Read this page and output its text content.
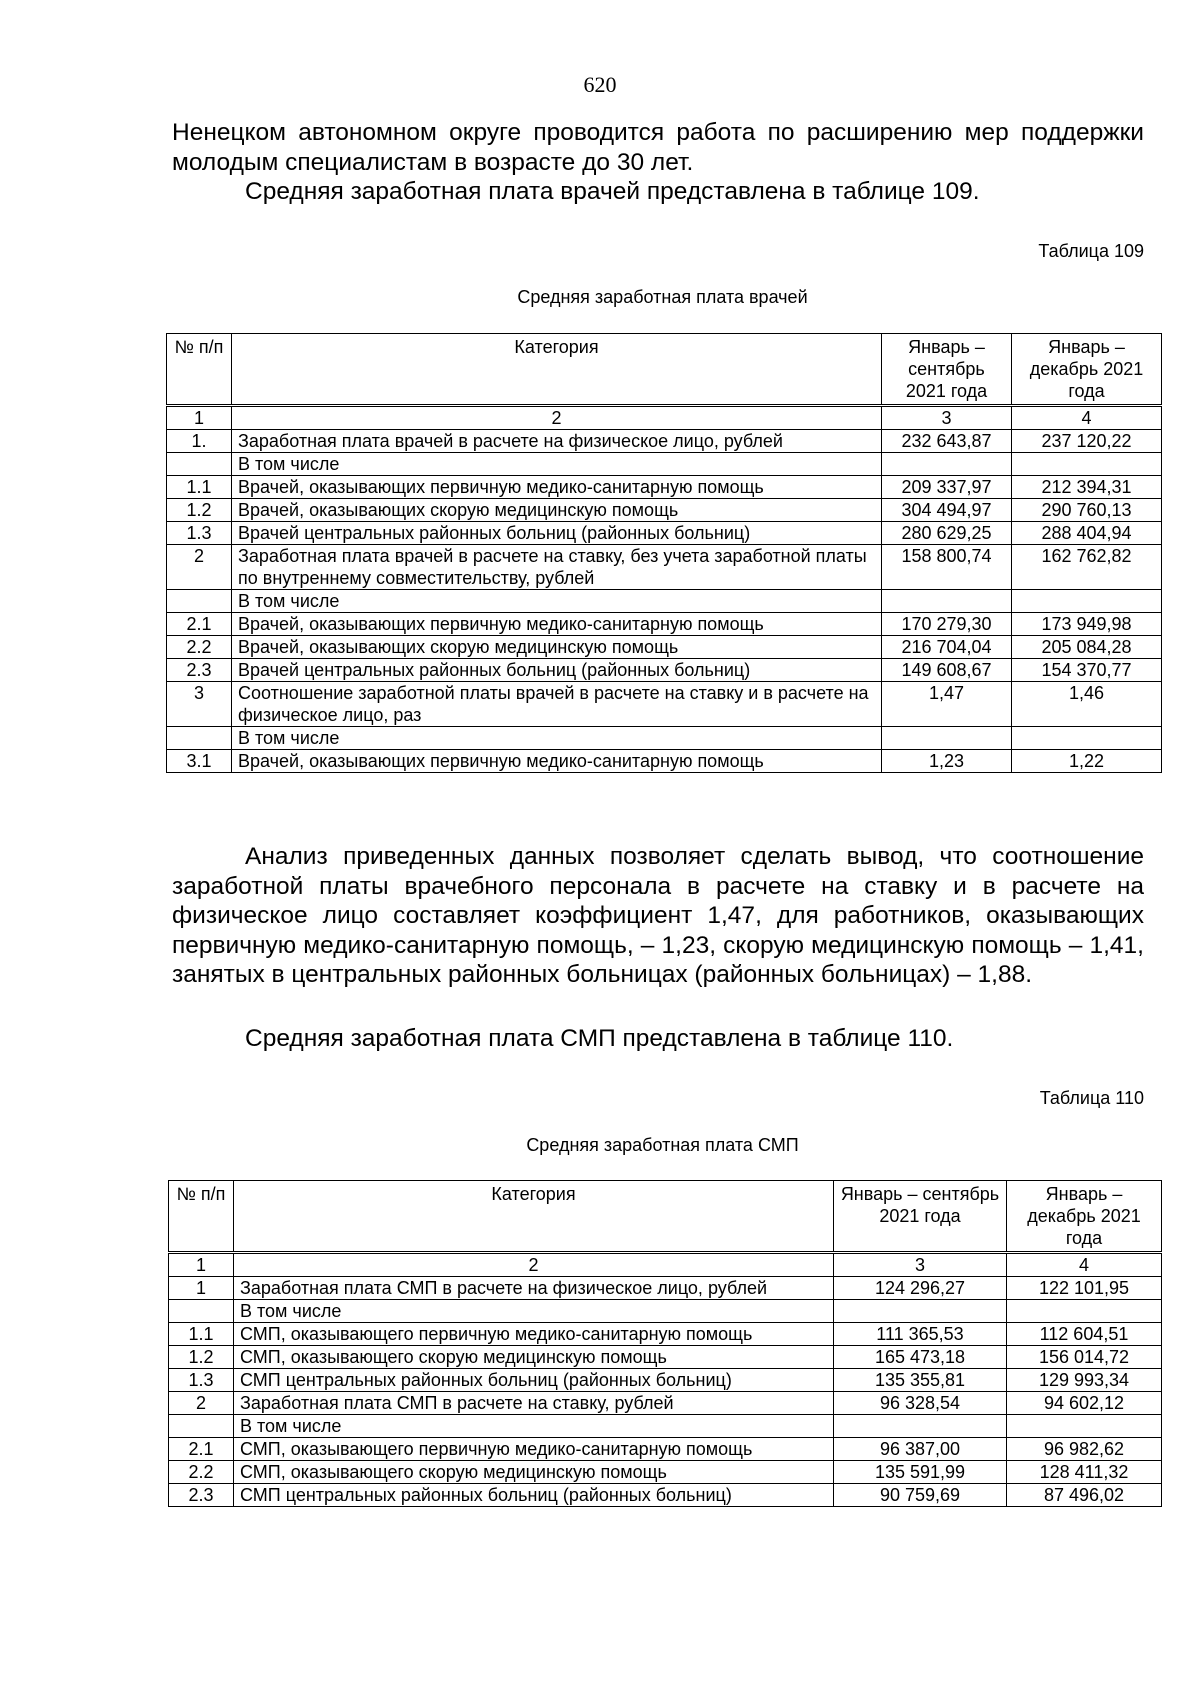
620
Ненецком автономном округе проводится работа по расширению мер поддержки молодым специалистам в возрасте до 30 лет.
Средняя заработная плата врачей представлена в таблице 109.
Таблица 109
Средняя заработная плата врачей
№ п/п	Категория	Январь – сентябрь 2021 года	Январь – декабрь 2021 года
1	2	3	4
1.	Заработная плата врачей в расчете на физическое лицо, рублей	232 643,87	237 120,22
	В том числе		
1.1	Врачей, оказывающих первичную медико-санитарную помощь	209 337,97	212 394,31
1.2	Врачей, оказывающих скорую медицинскую помощь	304 494,97	290 760,13
1.3	Врачей центральных районных больниц (районных больниц)	280 629,25	288 404,94
2	Заработная плата врачей в расчете на ставку, без учета заработной платы по внутреннему совместительству, рублей	158 800,74	162 762,82
	В том числе		
2.1	Врачей, оказывающих первичную медико-санитарную помощь	170 279,30	173 949,98
2.2	Врачей, оказывающих скорую медицинскую помощь	216 704,04	205 084,28
2.3	Врачей центральных районных больниц (районных больниц)	149 608,67	154 370,77
3	Соотношение заработной платы врачей в расчете на ставку и в расчете на физическое лицо, раз	1,47	1,46
	В том числе		
3.1	Врачей, оказывающих первичную медико-санитарную помощь	1,23	1,22
Анализ приведенных данных позволяет сделать вывод, что соотношение заработной платы врачебного персонала в расчете на ставку и в расчете на физическое лицо составляет коэффициент 1,47, для работников, оказывающих первичную медико-санитарную помощь, – 1,23, скорую медицинскую помощь – 1,41, занятых в центральных районных больницах (районных больницах) – 1,88.
Средняя заработная плата СМП представлена в таблице 110.
Таблица 110
Средняя заработная плата СМП
№ п/п	Категория	Январь – сентябрь 2021 года	Январь – декабрь 2021 года
1	2	3	4
1	Заработная плата СМП в расчете на физическое лицо, рублей	124 296,27	122 101,95
	В том числе		
1.1	СМП, оказывающего первичную медико-санитарную помощь	111 365,53	112 604,51
1.2	СМП, оказывающего скорую медицинскую помощь	165 473,18	156 014,72
1.3	СМП центральных районных больниц (районных больниц)	135 355,81	129 993,34
2	Заработная плата СМП в расчете на ставку, рублей	96 328,54	94 602,12
	В том числе		
2.1	СМП, оказывающего первичную медико-санитарную помощь	96 387,00	96 982,62
2.2	СМП, оказывающего скорую медицинскую помощь	135 591,99	128 411,32
2.3	СМП центральных районных больниц (районных больниц)	90 759,69	87 496,02
